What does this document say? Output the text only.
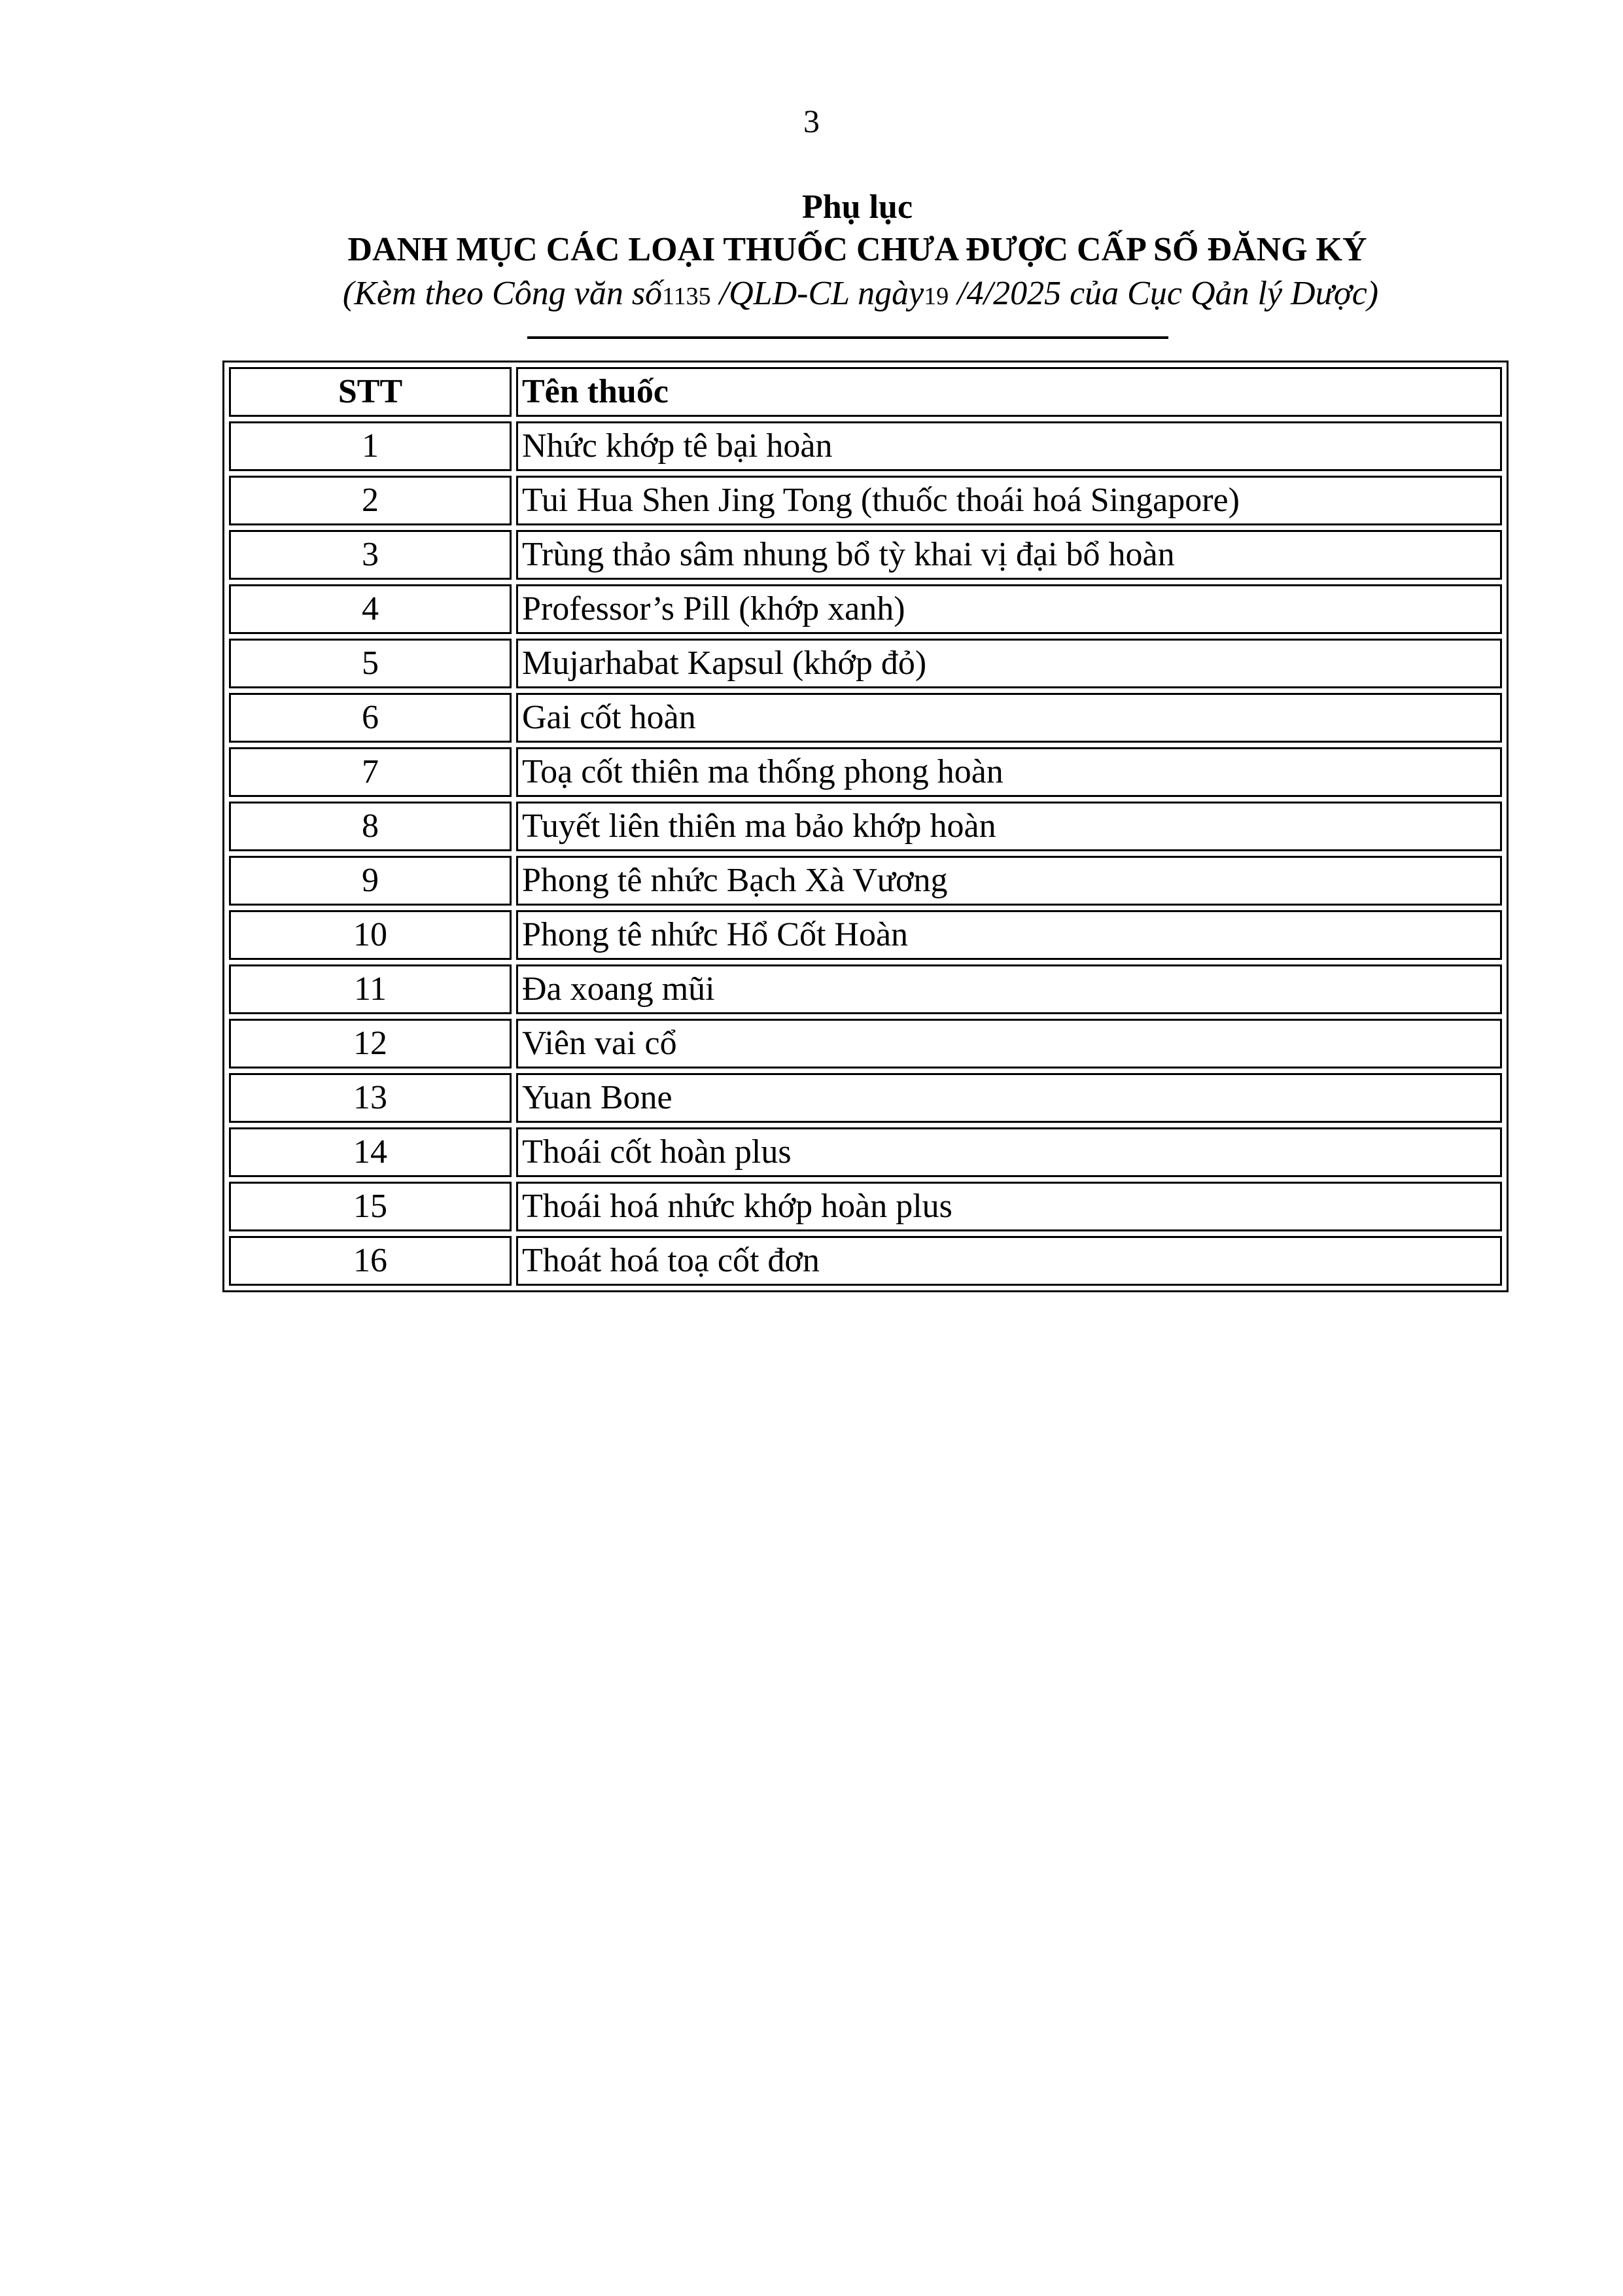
3
Phụ lục
DANH MỤC CÁC LOẠI THUỐC CHƯA ĐƯỢC CẤP SỐ ĐĂNG KÝ
(Kèm theo Công văn số1135 /QLD-CL ngày19 /4/2025 của Cục Qản lý Dược)
STT	Tên thuốc
1	Nhức khớp tê bại hoàn
2	Tui Hua Shen Jing Tong (thuốc thoái hoá Singapore)
3	Trùng thảo sâm nhung bổ tỳ khai vị đại bổ hoàn
4	Professor’s Pill (khớp xanh)
5	Mujarhabat Kapsul (khớp đỏ)
6	Gai cốt hoàn
7	Toạ cốt thiên ma thống phong hoàn
8	Tuyết liên thiên ma bảo khớp hoàn
9	Phong tê nhức Bạch Xà Vương
10	Phong tê nhức Hổ Cốt Hoàn
11	Đa xoang mũi
12	Viên vai cổ
13	Yuan Bone
14	Thoái cốt hoàn plus
15	Thoái hoá nhức khớp hoàn plus
16	Thoát hoá toạ cốt đơn
